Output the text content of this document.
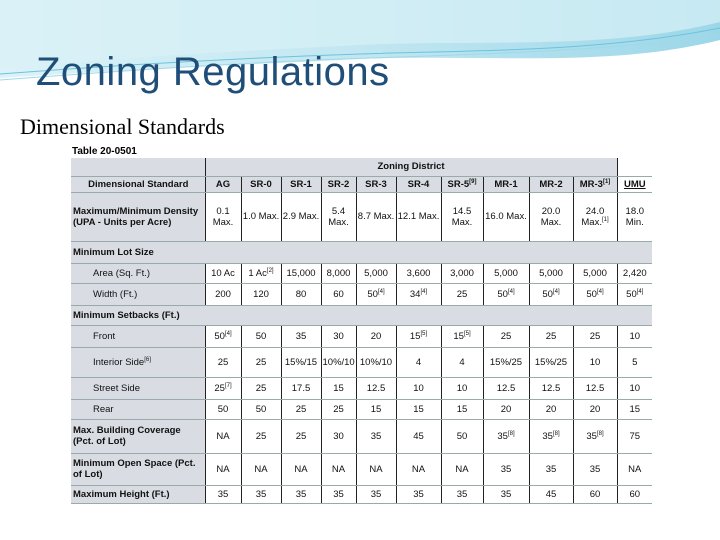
Zoning Regulations
Dimensional Standards
Table 20-0501
	Zoning District										
Dimensional Standard	AG	SR-0	SR-1	SR-2	SR-3	SR-4	SR-5[9]	MR-1	MR-2	MR-3[1]	UMU
Maximum/Minimum Density (UPA - Units per Acre)	0.1 Max.	1.0 Max.	2.9 Max.	5.4 Max.	8.7 Max.	12.1 Max.	14.5 Max.	16.0 Max.	20.0 Max.	24.0 Max.[1]	18.0 Min.
Minimum Lot Size											
Area (Sq. Ft.)	10 Ac	1 Ac[2]	15,000	8,000	5,000	3,600	3,000	5,000	5,000	5,000	2,420
Width (Ft.)	200	120	80	60	50[4]	34[4]	25	50[4]	50[4]	50[4]	50[4]
Minimum Setbacks (Ft.)											
Front	50[4]	50	35	30	20	15[5]	15[5]	25	25	25	10
Interior Side[6]	25	25	15%/15	10%/10	10%/10	4	4	15%/25	15%/25	10	5
Street Side	25[7]	25	17.5	15	12.5	10	10	12.5	12.5	12.5	10
Rear	50	50	25	25	15	15	15	20	20	20	15
Max. Building Coverage (Pct. of Lot)	NA	25	25	30	35	45	50	35[8]	35[8]	35[8]	75
Minimum Open Space (Pct. of Lot)	NA	NA	NA	NA	NA	NA	NA	35	35	35	NA
Maximum Height (Ft.)	35	35	35	35	35	35	35	35	45	60	60
